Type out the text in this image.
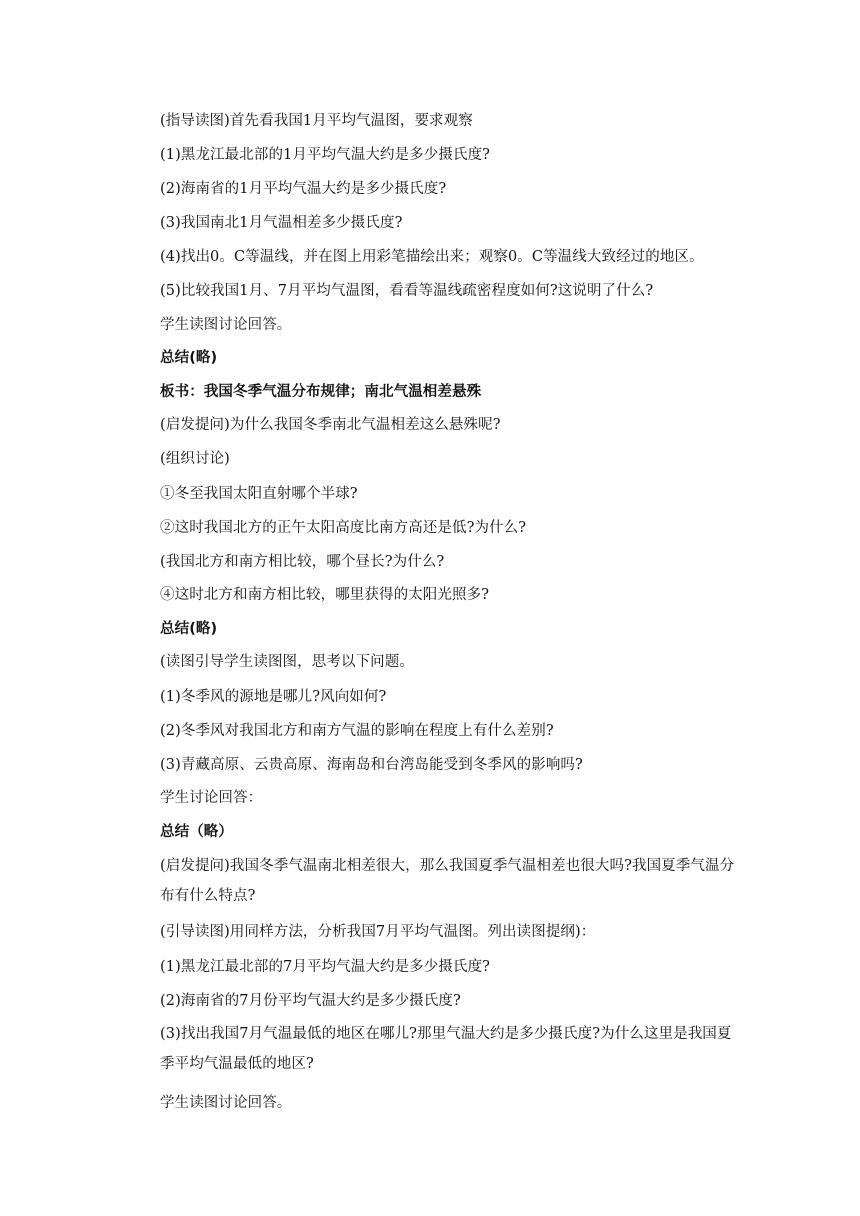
(指导读图)首先看我国1月平均气温图，要求观察
(1)黑龙江最北部的1月平均气温大约是多少摄氏度?
(2)海南省的1月平均气温大约是多少摄氏度?
(3)我国南北1月气温相差多少摄氏度?
(4)找出0。C等温线，并在图上用彩笔描绘出来；观察0。C等温线大致经过的地区。
(5)比较我国1月、7月平均气温图，看看等温线疏密程度如何?这说明了什么?
学生读图讨论回答。
总结(略)
板书：我国冬季气温分布规律；南北气温相差悬殊
(启发提问)为什么我国冬季南北气温相差这么悬殊呢?
(组织讨论)
①冬至我国太阳直射哪个半球?
②这时我国北方的正午太阳高度比南方高还是低?为什么?
(我国北方和南方相比较，哪个昼长?为什么?
④这时北方和南方相比较，哪里获得的太阳光照多?
总结(略)
(读图引导学生读图图，思考以下问题。
(1)冬季风的源地是哪儿?风向如何?
(2)冬季风对我国北方和南方气温的影响在程度上有什么差别?
(3)青藏高原、云贵高原、海南岛和台湾岛能受到冬季风的影响吗?
学生讨论回答：
总结（略）
(启发提问)我国冬季气温南北相差很大，那么我国夏季气温相差也很大吗?我国夏季气温分布有什么特点?
(引导读图)用同样方法，分析我国7月平均气温图。列出读图提纲)：
(1)黑龙江最北部的7月平均气温大约是多少摄氏度?
(2)海南省的7月份平均气温大约是多少摄氏度?
(3)找出我国7月气温最低的地区在哪儿?那里气温大约是多少摄氏度?为什么这里是我国夏季平均气温最低的地区?
学生读图讨论回答。
